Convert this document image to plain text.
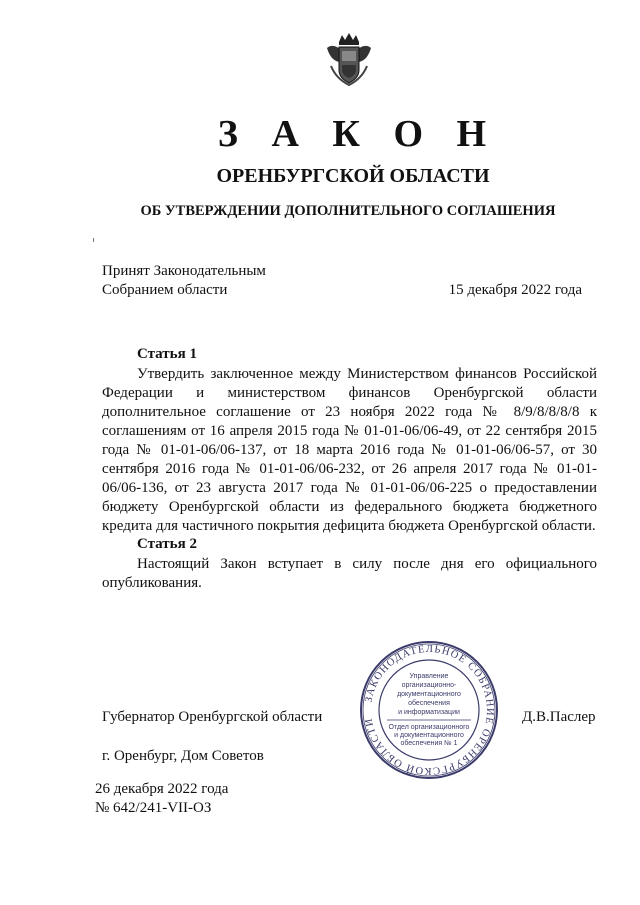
З А К О Н
ОРЕНБУРГСКОЙ ОБЛАСТИ
ОБ УТВЕРЖДЕНИИ ДОПОЛНИТЕЛЬНОГО СОГЛАШЕНИЯ
Принят Законодательным
Собранием области	15 декабря 2022 года
Статья 1
Утвердить заключенное между Министерством финансов Российской Федерации и министерством финансов Оренбургской области дополнительное соглашение от 23 ноября 2022 года № 8/9/8/8/8/8 к соглашениям от 16 апреля 2015 года № 01-01-06/06-49, от 22 сентября 2015 года № 01-01-06/06-137, от 18 марта 2016 года № 01-01-06/06-57, от 30 сентября 2016 года № 01-01-06/06-232, от 26 апреля 2017 года № 01-01-06/06-136, от 23 августа 2017 года № 01-01-06/06-225 о предоставлении бюджету Оренбургской области из федерального бюджета бюджетного кредита для частичного покрытия дефицита бюджета Оренбургской области.
Статья 2
Настоящий Закон вступает в силу после дня его официального опубликования.
Губернатор Оренбургской области	Д.В.Паслер
г. Оренбург, Дом Советов
26 декабря 2022 года
№ 642/241-VII-ОЗ
ЗАКОНОДАТЕЛЬНОЕ СОБРАНИЕ ОРЕНБУРГСКОЙ ОБЛАСТИ
Управление
организационно-
документационного
обеспечения
и информатизации
Отдел организационного
и документационного
обеспечения № 1
